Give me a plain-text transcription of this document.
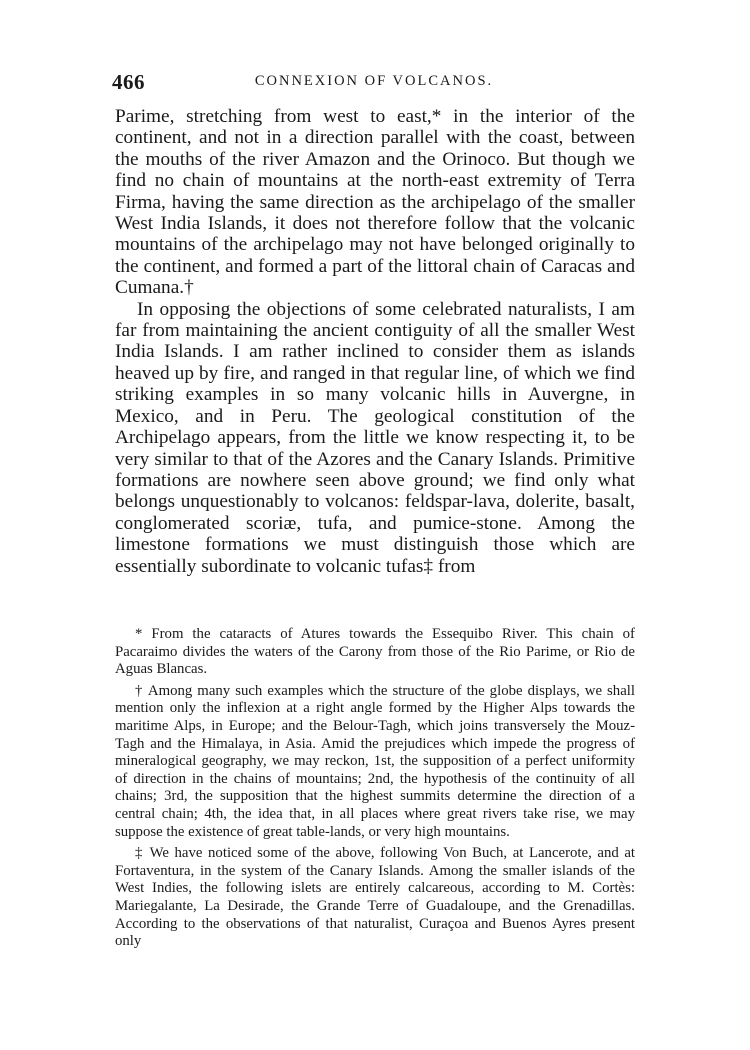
466	CONNEXION OF VOLCANOS.

Parime, stretching from west to east,* in the interior of the continent, and not in a direction parallel with the coast, between the mouths of the river Amazon and the Orinoco. But though we find no chain of mountains at the north-east extremity of Terra Firma, having the same direction as the archipelago of the smaller West India Islands, it does not therefore follow that the volcanic mountains of the archipelago may not have belonged originally to the continent, and formed a part of the littoral chain of Caracas and Cumana.†

In opposing the objections of some celebrated naturalists, I am far from maintaining the ancient contiguity of all the smaller West India Islands. I am rather inclined to consider them as islands heaved up by fire, and ranged in that regular line, of which we find striking examples in so many volcanic hills in Auvergne, in Mexico, and in Peru. The geological constitution of the Archipelago appears, from the little we know respecting it, to be very similar to that of the Azores and the Canary Islands. Primitive formations are nowhere seen above ground; we find only what belongs unquestionably to volcanos: feldspar-lava, dolerite, basalt, conglomerated scoriæ, tufa, and pumice-stone. Among the limestone formations we must distinguish those which are essentially subordinate to volcanic tufas‡ from

* From the cataracts of Atures towards the Essequibo River. This chain of Pacaraimo divides the waters of the Carony from those of the Rio Parime, or Rio de Aguas Blancas.

† Among many such examples which the structure of the globe displays, we shall mention only the inflexion at a right angle formed by the Higher Alps towards the maritime Alps, in Europe; and the Belour-Tagh, which joins transversely the Mouz-Tagh and the Himalaya, in Asia. Amid the prejudices which impede the progress of mineralogical geography, we may reckon, 1st, the supposition of a perfect uniformity of direction in the chains of mountains; 2nd, the hypothesis of the continuity of all chains; 3rd, the supposition that the highest summits determine the direction of a central chain; 4th, the idea that, in all places where great rivers take rise, we may suppose the existence of great table-lands, or very high mountains.

‡ We have noticed some of the above, following Von Buch, at Lancerote, and at Fortaventura, in the system of the Canary Islands. Among the smaller islands of the West Indies, the following islets are entirely calcareous, according to M. Cortès: Mariegalante, La Desirade, the Grande Terre of Guadaloupe, and the Grenadillas. According to the observations of that naturalist, Curaçoa and Buenos Ayres present only
